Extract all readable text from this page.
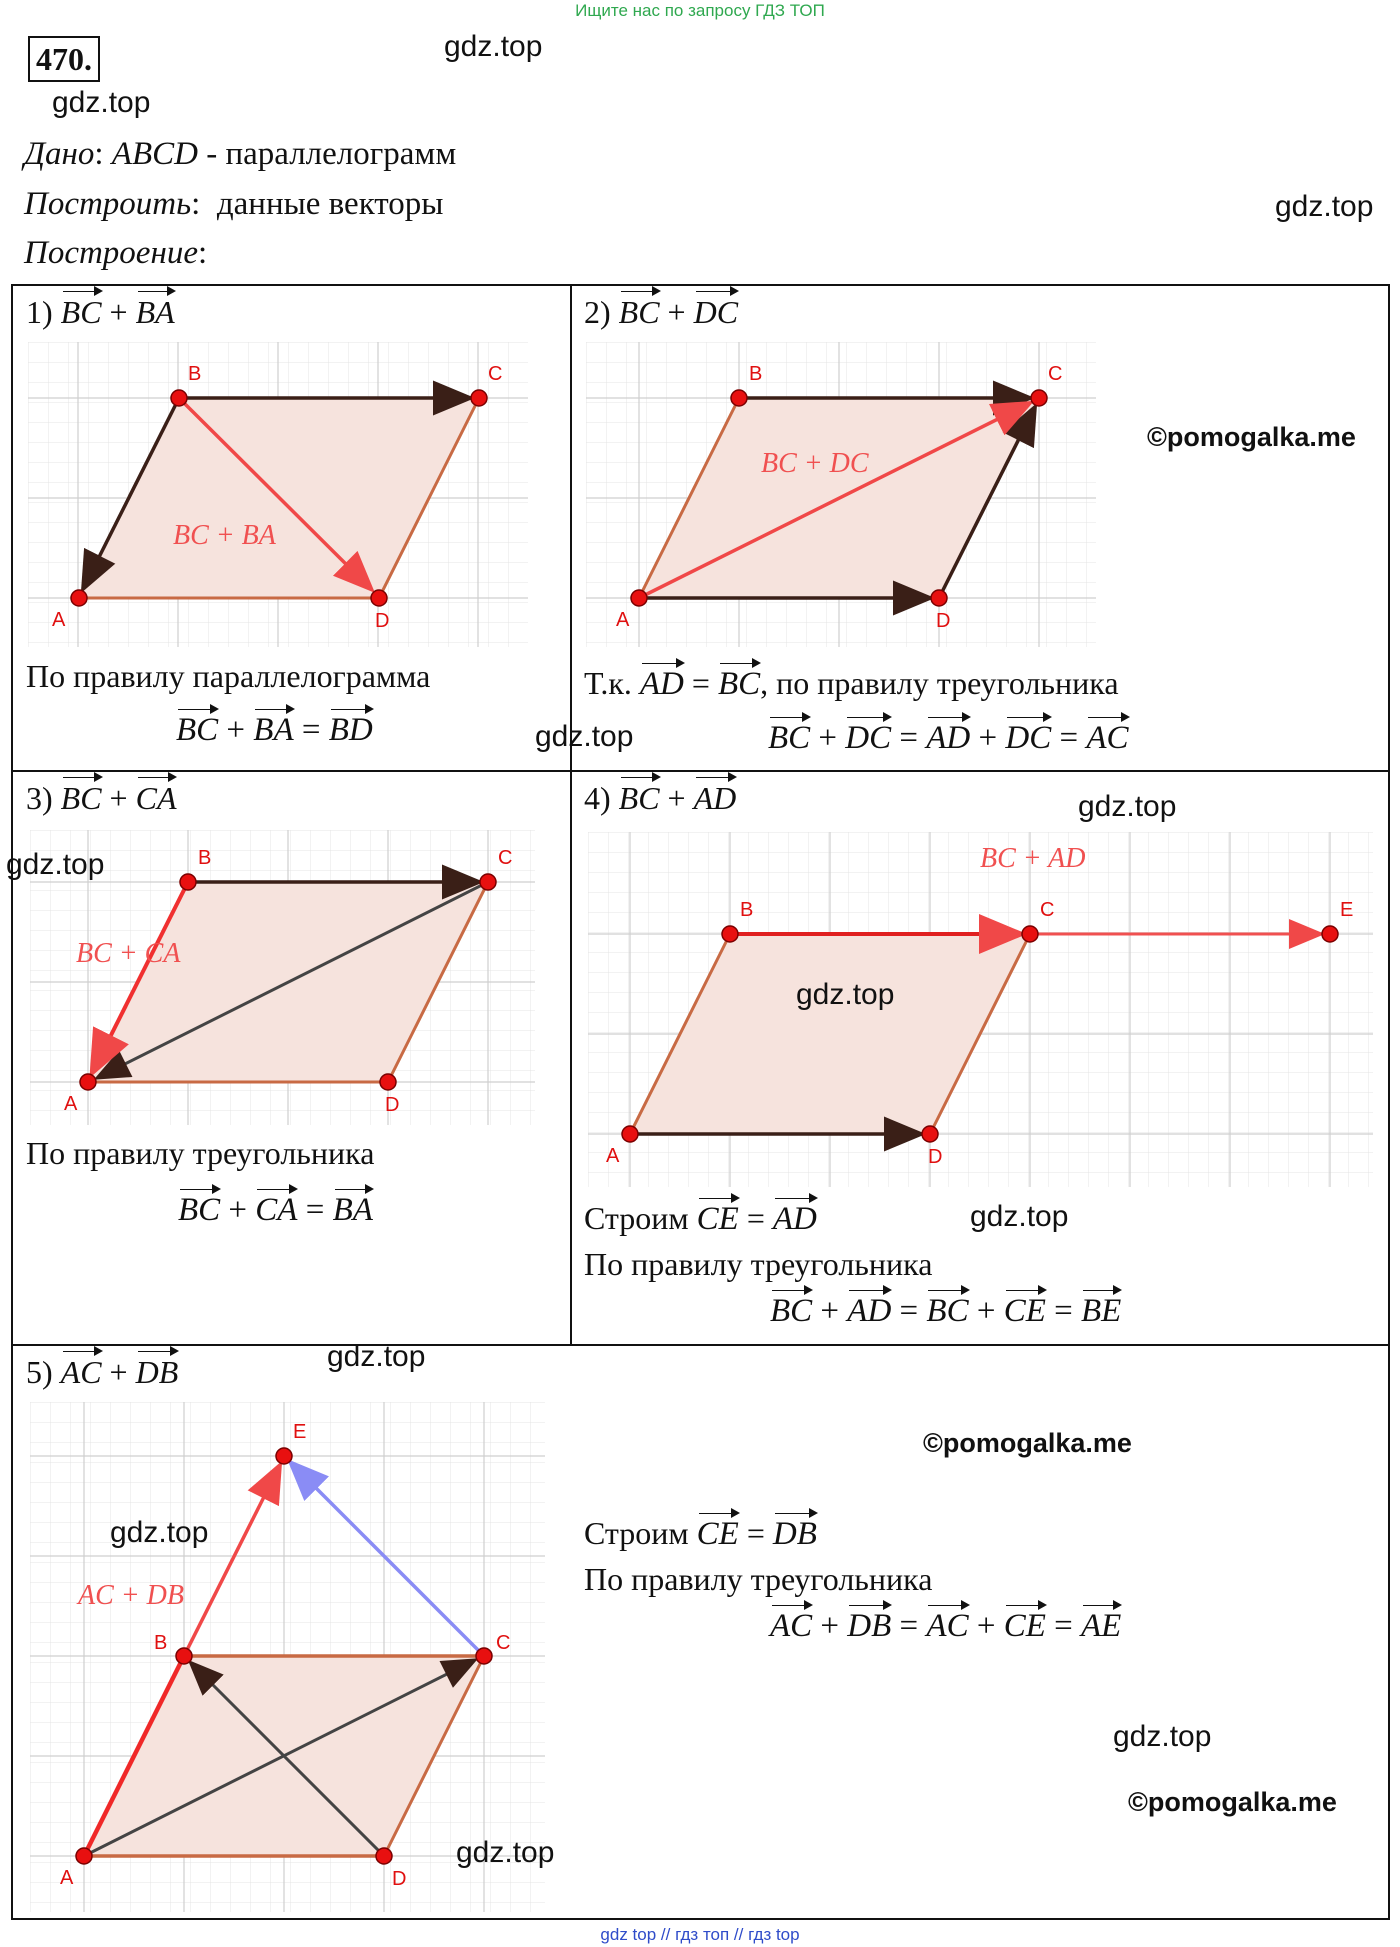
Ищите нас по запросу ГДЗ ТОП
470.	gdz.top
gdz.top
gdz.top
Дано: ABCD - параллелограмм
Построить:  данные векторы
Построение:
1) BC + BA
A
B	C
D
BC + BA
По правилу параллелограмма
BC + BA = BD	gdz.top
2) BC + DC
A
B	C
D
BC + DC
©pomogalka.me
Т.к. AD = BC, по правилу треугольника
BC + DC = AD + DC = AC
3) BC + CA
A
B	C
D
BC + CA
gdz.top
По правилу треугольника
BC + CA = BA
4) BC + AD	gdz.top
A
B	C
D
E
BC + AD
gdz.top
Строим CE = AD	gdz.top
По правилу треугольника
BC + AD = BC + CE = BE
5) AC + DB	gdz.top
A
B	C
D
E
AC + DB
gdz.top
gdz.top
©pomogalka.me
Строим CE = DB
По правилу треугольника
AC + DB = AC + CE = AE
gdz.top
©pomogalka.me
gdz top // гдз топ // гдз top
